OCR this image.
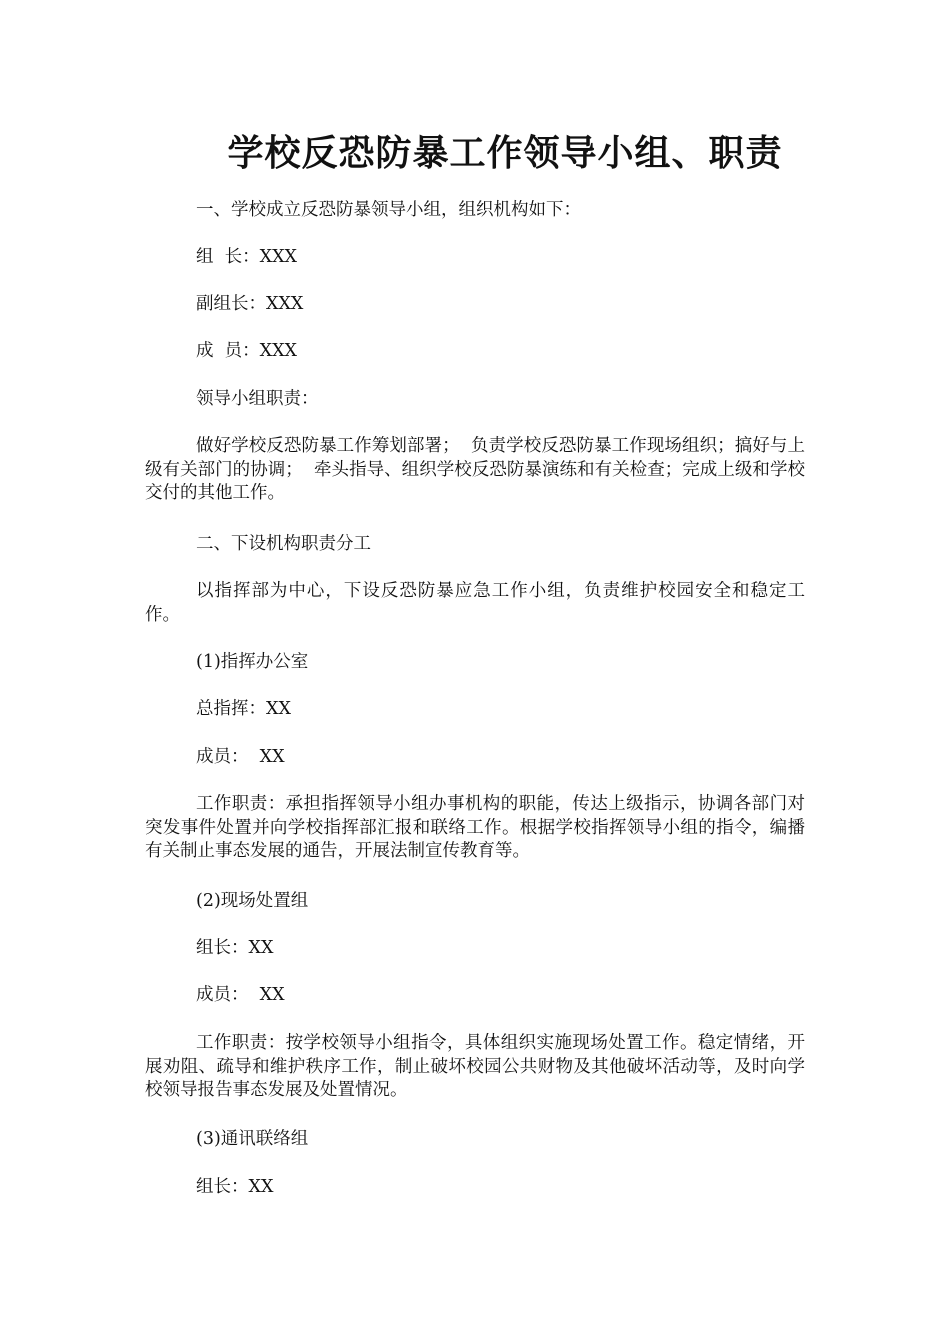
学校反恐防暴工作领导小组、职责
一、学校成立反恐防暴领导小组，组织机构如下：
组  长：XXX
副组长：XXX
成  员：XXX
领导小组职责：
做好学校反恐防暴工作筹划部署；  负责学校反恐防暴工作现场组织；搞好与上级有关部门的协调；  牵头指导、组织学校反恐防暴演练和有关检查；完成上级和学校交付的其他工作。
二、下设机构职责分工
以指挥部为中心，下设反恐防暴应急工作小组，负责维护校园安全和稳定工作。
(1)指挥办公室
总指挥：XX
成员：  XX
工作职责：承担指挥领导小组办事机构的职能，传达上级指示，协调各部门对突发事件处置并向学校指挥部汇报和联络工作。根据学校指挥领导小组的指令，编播有关制止事态发展的通告，开展法制宣传教育等。
(2)现场处置组
组长：XX
成员：  XX
工作职责：按学校领导小组指令，具体组织实施现场处置工作。稳定情绪，开展劝阻、疏导和维护秩序工作，制止破坏校园公共财物及其他破坏活动等，及时向学校领导报告事态发展及处置情况。
(3)通讯联络组
组长：XX
